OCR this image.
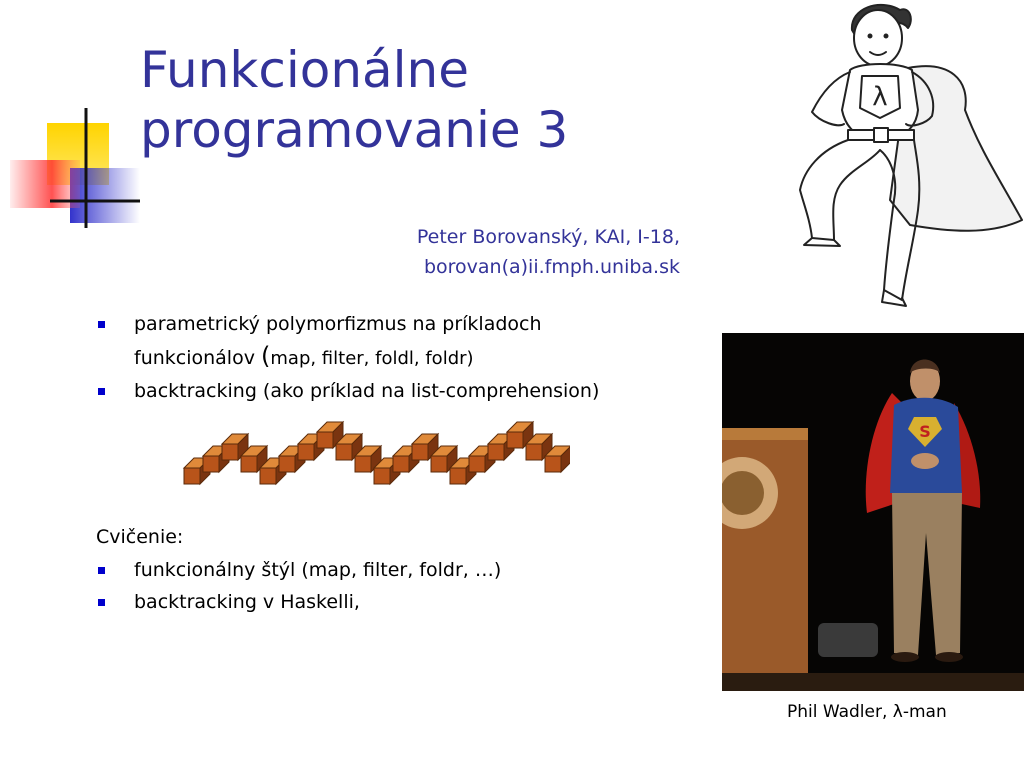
Funkcionálne
programovanie 3
Peter Borovanský, KAI, I-18,
borovan(a)ii.fmph.uniba.sk
parametrický polymorfizmus na príkladoch
funkcionálov (map, filter, foldl, foldr)
backtracking (ako príklad na list-comprehension)
Cvičenie:
funkcionálny štýl (map, filter, foldr, …)
backtracking v Haskelli,
λ
S
Phil Wadler, λ-man
